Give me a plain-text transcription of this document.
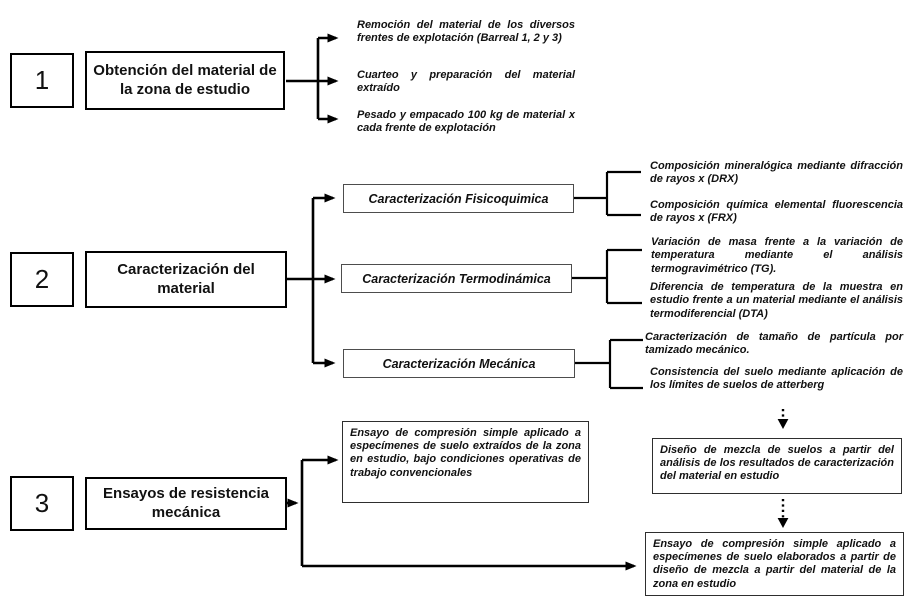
1	Obtención del material de la zona de estudio
Remoción del material de los diversos frentes de explotación (Barreal 1, 2 y 3)
Cuarteo y preparación del material extraído
Pesado y empacado 100 kg de material x cada frente de explotación
2	Caracterización del material
Caracterización Fisicoquimica
Caracterización Termodinámica
Caracterización Mecánica
Composición mineralógica mediante difracción de rayos x (DRX)
Composición química elemental fluorescencia de rayos x (FRX)
Variación de masa frente a la variación de temperatura mediante el análisis termogravimétrico (TG).
Diferencia de temperatura de la muestra en estudio frente a un material mediante el análisis termodiferencial (DTA)
Caracterización de tamaño de partícula por tamizado mecánico.
Consistencia del suelo mediante aplicación de los límites de suelos de atterberg
3	Ensayos de resistencia mecánica
Ensayo de compresión simple aplicado a especímenes de suelo extraídos de la zona en estudio, bajo condiciones operativas de trabajo convencionales
Diseño de mezcla de suelos a partir del análisis de los resultados de caracterización del material en estudio
Ensayo de compresión simple aplicado a especímenes de suelo elaborados a partir de diseño de mezcla a partir del material de la zona en estudio
